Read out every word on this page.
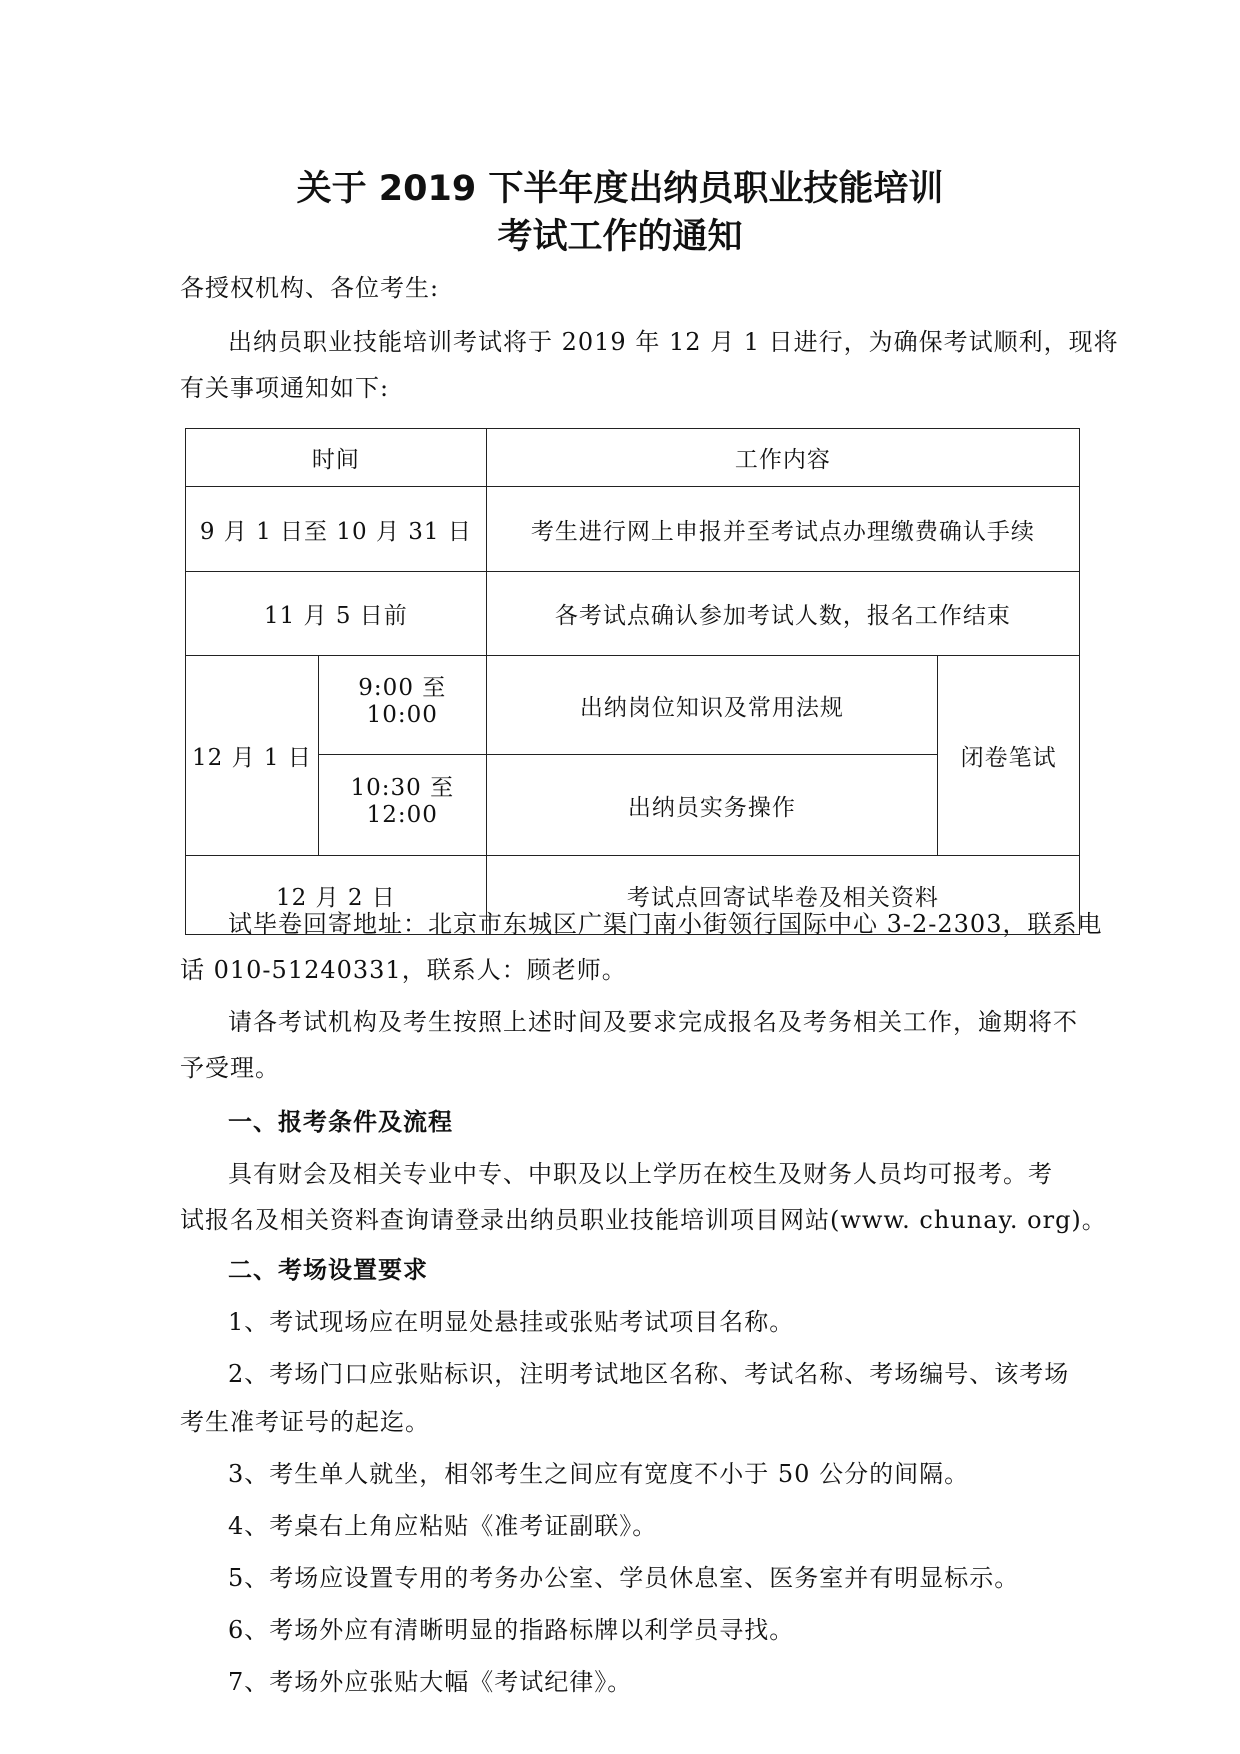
关于 2019 下半年度出纳员职业技能培训
考试工作的通知
各授权机构、各位考生:
出纳员职业技能培训考试将于 2019 年 12 月 1 日进行，为确保考试顺利，现将
有关事项通知如下:
时间		工作内容	
9 月 1 日至 10 月 31 日		考生进行网上申报并至考试点办理缴费确认手续	
11 月 5 日前		各考试点确认参加考试人数，报名工作结束	
12 月 1 日	9:00 至 10:00	出纳岗位知识及常用法规	闭卷笔试
	10:30 至 12:00	出纳员实务操作	
12 月 2 日		考试点回寄试毕卷及相关资料	
试毕卷回寄地址：北京市东城区广渠门南小街领行国际中心 3-2-2303，联系电
话 010-51240331，联系人：顾老师。
请各考试机构及考生按照上述时间及要求完成报名及考务相关工作，逾期将不
予受理。
一、报考条件及流程
具有财会及相关专业中专、中职及以上学历在校生及财务人员均可报考。考
试报名及相关资料查询请登录出纳员职业技能培训项目网站(www. chunay. org)。
二、考场设置要求
1、考试现场应在明显处悬挂或张贴考试项目名称。
2、考场门口应张贴标识，注明考试地区名称、考试名称、考场编号、该考场
考生准考证号的起迄。
3、考生单人就坐，相邻考生之间应有宽度不小于 50 公分的间隔。
4、考桌右上角应粘贴《准考证副联》。
5、考场应设置专用的考务办公室、学员休息室、医务室并有明显标示。
6、考场外应有清晰明显的指路标牌以利学员寻找。
7、考场外应张贴大幅《考试纪律》。
